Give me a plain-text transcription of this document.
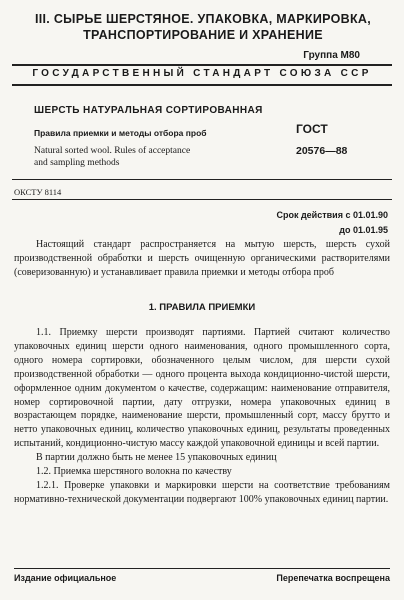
III. СЫРЬЕ ШЕРСТЯНОЕ. УПАКОВКА, МАРКИРОВКА,
ТРАНСПОРТИРОВАНИЕ И ХРАНЕНИЕ
Группа М80
ГОСУДАРСТВЕННЫЙ СТАНДАРТ СОЮЗА ССР
ШЕРСТЬ НАТУРАЛЬНАЯ СОРТИРОВАННАЯ
Правила приемки и методы отбора проб
Natural sorted wool. Rules of acceptance
and sampling methods
ГОСТ
20576—88
ОКСТУ 8114
Срок действия с 01.01.90
до 01.01.95

Настоящий стандарт распространяется на мытую шерсть, шерсть сухой производственной обработки и шерсть очищенную органическими растворителями (соверизованную) и устанавливает правила приемки и методы отбора проб

1. ПРАВИЛА ПРИЕМКИ

1.1. Приемку шерсти производят партиями. Партией считают количество упаковочных единиц шерсти одного наименования, одного промышленного сорта, одного номера сортировки, обозначенного целым числом, для шерсти сухой производственной обработки — одного процента выхода кондиционно-чистой шерсти, оформленное одним документом о качестве, содержащим: наименование отправителя, номер сортировочной партии, дату отгрузки, номера упаковочных единиц в возрастающем порядке, наименование шерсти, промышленный сорт, массу брутто и нетто упаковочных единиц, количество упаковочных единиц, результаты проведенных испытаний, кондиционно-чистую массу каждой упаковочной единицы и всей партии.

В партии должно быть не менее 15 упаковочных единиц

1.2. Приемка шерстяного волокна по качеству

1.2.1. Проверке упаковки и маркировки шерсти на соответствие требованиям нормативно-технической документации подвергают 100% упаковочных единиц партии.

Издание официальное	Перепечатка воспрещена
